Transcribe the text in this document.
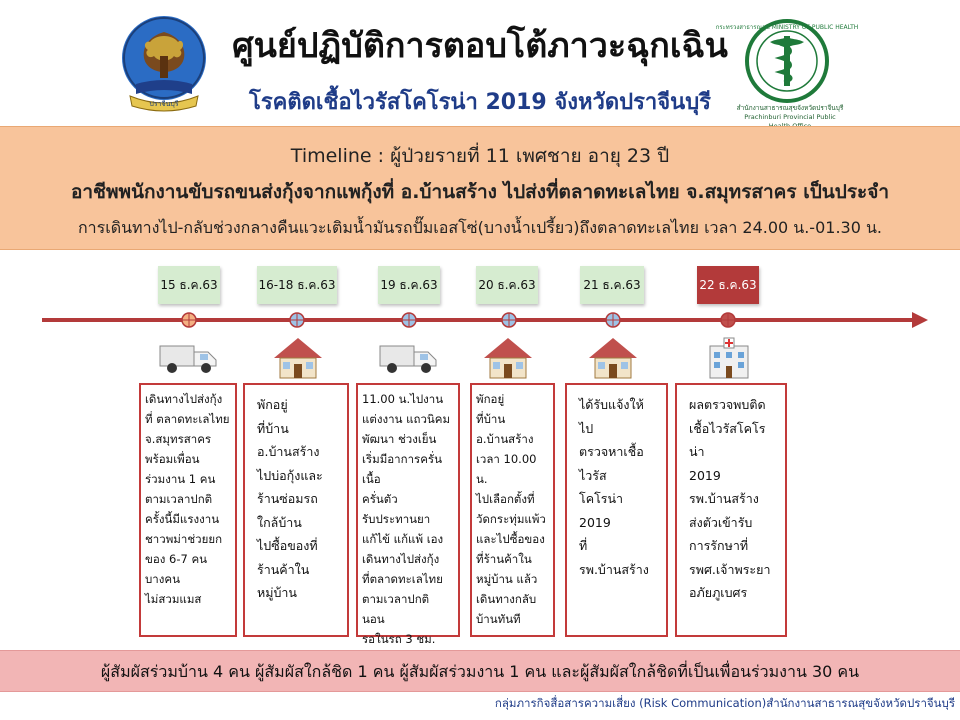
ปราจีนบุรี
ศูนย์ปฏิบัติการตอบโต้ภาวะฉุกเฉิน
โรคติดเชื้อไวรัสโคโรน่า 2019 จังหวัดปราจีนบุรี
กระทรวงสาธารณสุข MINISTRY OF PUBLIC HEALTH
สำนักงานสาธารณสุขจังหวัดปราจีนบุรี Prachinburi Provincial Public
Timeline : ผู้ป่วยรายที่ 11 เพศชาย อายุ 23 ปี
อาชีพพนักงานขับรถขนส่งกุ้งจากแพกุ้งที่ อ.บ้านสร้าง ไปส่งที่ตลาดทะเลไทย จ.สมุทรสาคร เป็นประจำ
การเดินทางไป-กลับช่วงกลางคืนแวะเติมน้ำมันรถปั๊มเอสโซ่(บางน้ำเปรี้ยว)ถึงตลาดทะเลไทย เวลา 24.00 น.-01.30 น.
15 ธ.ค.63	16-18 ธ.ค.63	19 ธ.ค.63	20 ธ.ค.63	21 ธ.ค.63	22 ธ.ค.63
เดินทางไปส่งกุ้ง
ที่ ตลาดทะเลไทย
จ.สมุทรสาคร
พร้อมเพื่อน
ร่วมงาน 1 คน
ตามเวลาปกติ
ครั้งนี้มีแรงงาน
ชาวพม่าช่วยยก
ของ 6-7 คน
บางคน
ไม่สวมแมส
พักอยู่
ที่บ้าน
อ.บ้านสร้าง
ไปบ่อกุ้งและ
ร้านซ่อมรถ
ใกล้บ้าน
ไปซื้อของที่
ร้านค้าใน
หมู่บ้าน
11.00 น.ไปงาน
แต่งงาน แถวนิคม
พัฒนา ช่วงเย็น
เริ่มมีอาการครั่นเนื้อ
ครั่นตัว
รับประทานยา
แก้ไข้ แก้แพ้ เอง
เดินทางไปส่งกุ้ง
ที่ตลาดทะเลไทย
ตามเวลาปกติ นอน
รอในรถ 3 ชม.
พักอยู่
ที่บ้าน
อ.บ้านสร้าง
เวลา 10.00 น.
ไปเลือกตั้งที่
วัดกระทุ่มแพ้ว
และไปซื้อของ
ที่ร้านค้าใน
หมู่บ้าน แล้ว
เดินทางกลับ
บ้านทันที
ได้รับแจ้งให้ไป
ตรวจหาเชื้อ
ไวรัส
โคโรน่า 2019
ที่ รพ.บ้านสร้าง
ผลตรวจพบติด
เชื้อไวรัสโคโรน่า
2019
รพ.บ้านสร้าง
ส่งตัวเข้ารับ
การรักษาที่
รพศ.เจ้าพระยา
อภัยภูเบศร
ผู้สัมผัสร่วมบ้าน 4 คน ผู้สัมผัสใกล้ชิด 1 คน ผู้สัมผัสร่วมงาน 1 คน และผู้สัมผัสใกล้ชิดที่เป็นเพื่อนร่วมงาน 30 คน
กลุ่มภารกิจสื่อสารความเสี่ยง (Risk Communication)สำนักงานสาธารณสุขจังหวัดปราจีนบุรี
